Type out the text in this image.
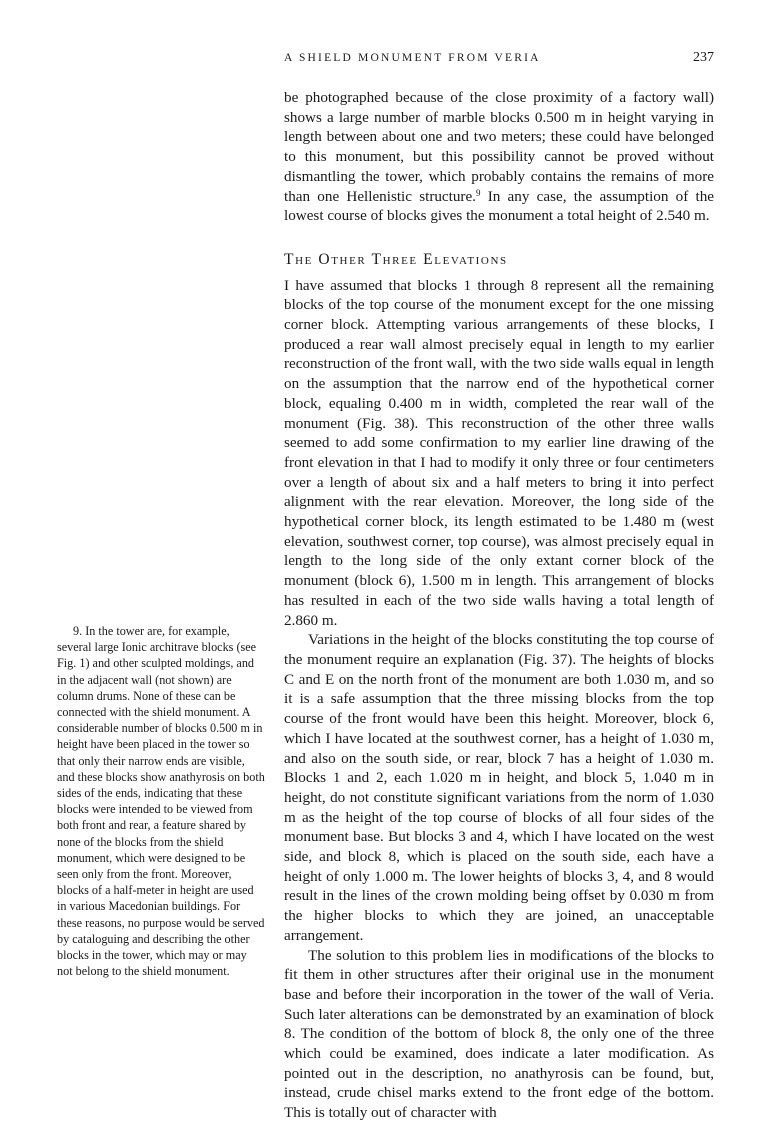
A SHIELD MONUMENT FROM VERIA	237

be photographed because of the close proximity of a factory wall) shows a large number of marble blocks 0.500 m in height varying in length between about one and two meters; these could have belonged to this monument, but this possibility cannot be proved without dismantling the tower, which probably contains the remains of more than one Hellenistic structure.$^9$ In any case, the assumption of the lowest course of blocks gives the monument a total height of 2.540 m.

The Other Three Elevations

I have assumed that blocks 1 through 8 represent all the remaining blocks of the top course of the monument except for the one missing corner block. Attempting various arrangements of these blocks, I produced a rear wall almost precisely equal in length to my earlier reconstruction of the front wall, with the two side walls equal in length on the assumption that the narrow end of the hypothetical corner block, equaling 0.400 m in width, completed the rear wall of the monument (Fig. 38). This reconstruction of the other three walls seemed to add some confirmation to my earlier line drawing of the front elevation in that I had to modify it only three or four centimeters over a length of about six and a half meters to bring it into perfect alignment with the rear elevation. Moreover, the long side of the hypothetical corner block, its length estimated to be 1.480 m (west elevation, southwest corner, top course), was almost precisely equal in length to the long side of the only extant corner block of the monument (block 6), 1.500 m in length. This arrangement of blocks has resulted in each of the two side walls having a total length of 2.860 m.

Variations in the height of the blocks constituting the top course of the monument require an explanation (Fig. 37). The heights of blocks C and E on the north front of the monument are both 1.030 m, and so it is a safe assumption that the three missing blocks from the top course of the front would have been this height. Moreover, block 6, which I have located at the southwest corner, has a height of 1.030 m, and also on the south side, or rear, block 7 has a height of 1.030 m. Blocks 1 and 2, each 1.020 m in height, and block 5, 1.040 m in height, do not constitute significant variations from the norm of 1.030 m as the height of the top course of blocks of all four sides of the monument base. But blocks 3 and 4, which I have located on the west side, and block 8, which is placed on the south side, each have a height of only 1.000 m. The lower heights of blocks 3, 4, and 8 would result in the lines of the crown molding being offset by 0.030 m from the higher blocks to which they are joined, an unacceptable arrangement.

The solution to this problem lies in modifications of the blocks to fit them in other structures after their original use in the monument base and before their incorporation in the tower of the wall of Veria. Such later alterations can be demonstrated by an examination of block 8. The condition of the bottom of block 8, the only one of the three which could be examined, does indicate a later modification. As pointed out in the description, no anathyrosis can be found, but, instead, crude chisel marks extend to the front edge of the bottom. This is totally out of character with

9. In the tower are, for example, several large Ionic architrave blocks (see Fig. 1) and other sculpted moldings, and in the adjacent wall (not shown) are column drums. None of these can be connected with the shield monument. A considerable number of blocks 0.500 m in height have been placed in the tower so that only their narrow ends are visible, and these blocks show anathyrosis on both sides of the ends, indicating that these blocks were intended to be viewed from both front and rear, a feature shared by none of the blocks from the shield monument, which were designed to be seen only from the front. Moreover, blocks of a half-meter in height are used in various Macedonian buildings. For these reasons, no purpose would be served by cataloguing and describing the other blocks in the tower, which may or may not belong to the shield monument.
